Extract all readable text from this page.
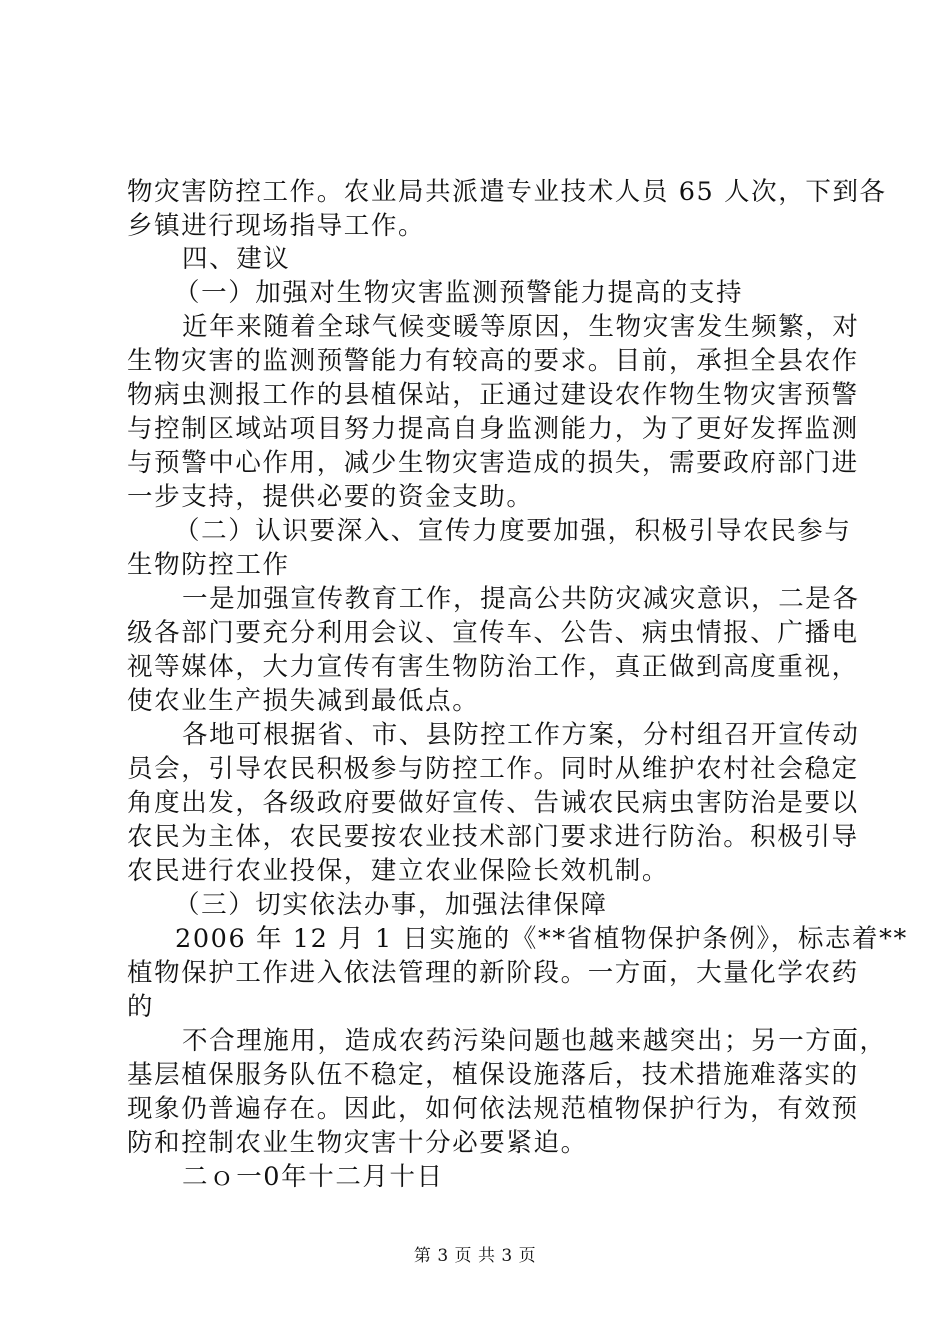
物灾害防控工作。农业局共派遣专业技术人员 65 人次，下到各
乡镇进行现场指导工作。
四、建议
（一）加强对生物灾害监测预警能力提高的支持
近年来随着全球气候变暖等原因，生物灾害发生频繁，对
生物灾害的监测预警能力有较高的要求。目前，承担全县农作
物病虫测报工作的县植保站，正通过建设农作物生物灾害预警
与控制区域站项目努力提高自身监测能力，为了更好发挥监测
与预警中心作用，减少生物灾害造成的损失，需要政府部门进
一步支持，提供必要的资金支助。
（二）认识要深入、宣传力度要加强，积极引导农民参与
生物防控工作
一是加强宣传教育工作，提高公共防灾减灾意识，二是各
级各部门要充分利用会议、宣传车、公告、病虫情报、广播电
视等媒体，大力宣传有害生物防治工作，真正做到高度重视，
使农业生产损失减到最低点。
各地可根据省、市、县防控工作方案，分村组召开宣传动
员会，引导农民积极参与防控工作。同时从维护农村社会稳定
角度出发，各级政府要做好宣传、告诫农民病虫害防治是要以
农民为主体，农民要按农业技术部门要求进行防治。积极引导
农民进行农业投保，建立农业保险长效机制。
（三）切实依法办事，加强法律保障
2006 年 12 月 1 日实施的《**省植物保护条例》，标志着**
植物保护工作进入依法管理的新阶段。一方面，大量化学农药
的
不合理施用，造成农药污染问题也越来越突出；另一方面，
基层植保服务队伍不稳定，植保设施落后，技术措施难落实的
现象仍普遍存在。因此，如何依法规范植物保护行为，有效预
防和控制农业生物灾害十分必要紧迫。
二ｏ一0年十二月十日
第 3 页 共 3 页
